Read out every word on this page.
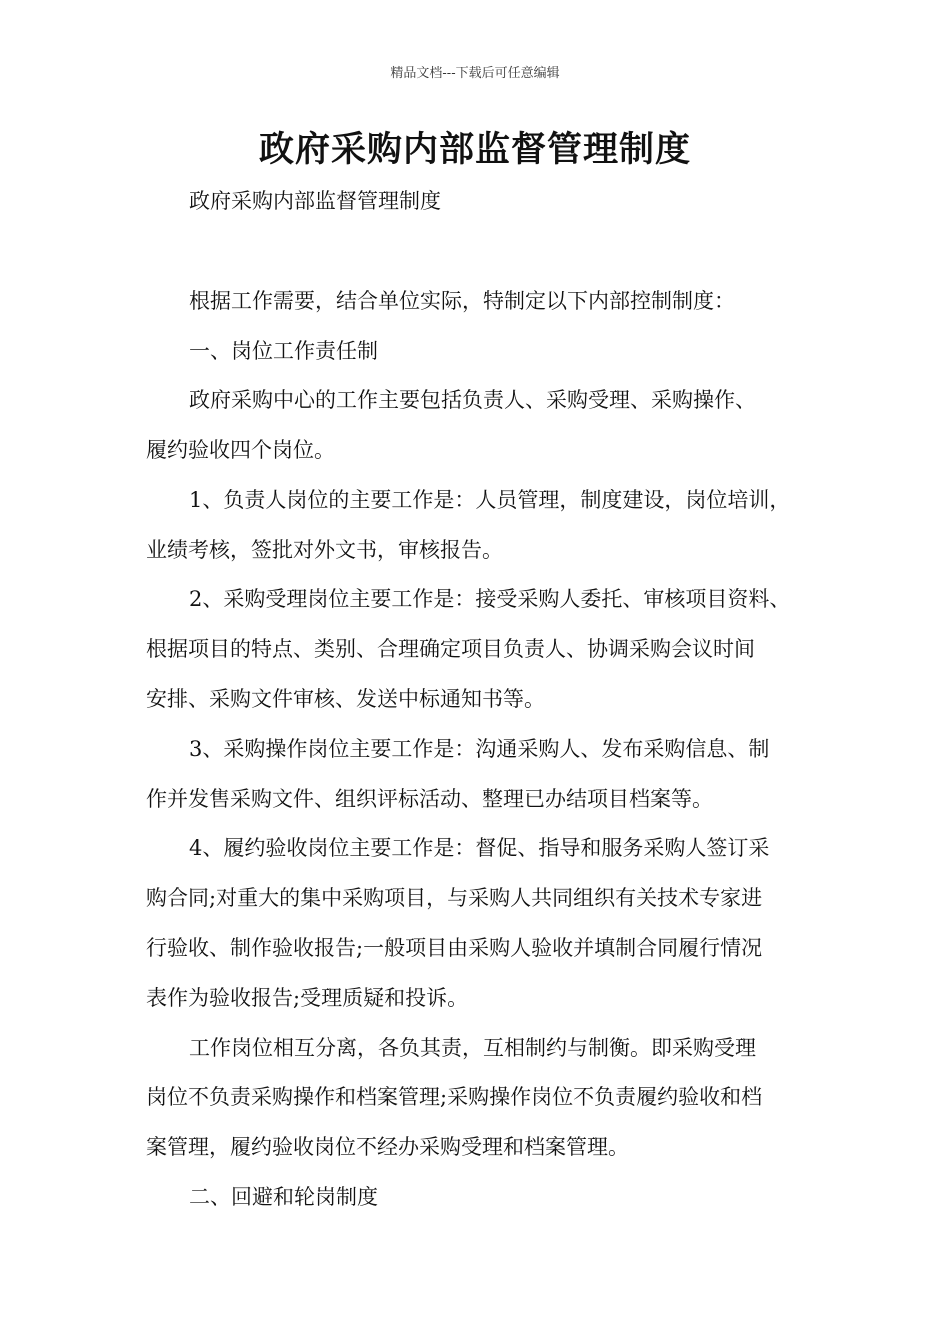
精品文档---下载后可任意编辑
政府采购内部监督管理制度
政府采购内部监督管理制度
根据工作需要，结合单位实际，特制定以下内部控制制度：
一、岗位工作责任制
政府采购中心的工作主要包括负责人、采购受理、采购操作、
履约验收四个岗位。
1、负责人岗位的主要工作是：人员管理，制度建设，岗位培训，
业绩考核，签批对外文书，审核报告。
2、采购受理岗位主要工作是：接受采购人委托、审核项目资料、
根据项目的特点、类别、合理确定项目负责人、协调采购会议时间
安排、采购文件审核、发送中标通知书等。
3、采购操作岗位主要工作是：沟通采购人、发布采购信息、制
作并发售采购文件、组织评标活动、整理已办结项目档案等。
4、履约验收岗位主要工作是：督促、指导和服务采购人签订采
购合同;对重大的集中采购项目，与采购人共同组织有关技术专家进
行验收、制作验收报告;一般项目由采购人验收并填制合同履行情况
表作为验收报告;受理质疑和投诉。
工作岗位相互分离，各负其责，互相制约与制衡。即采购受理
岗位不负责采购操作和档案管理;采购操作岗位不负责履约验收和档
案管理，履约验收岗位不经办采购受理和档案管理。
二、回避和轮岗制度
